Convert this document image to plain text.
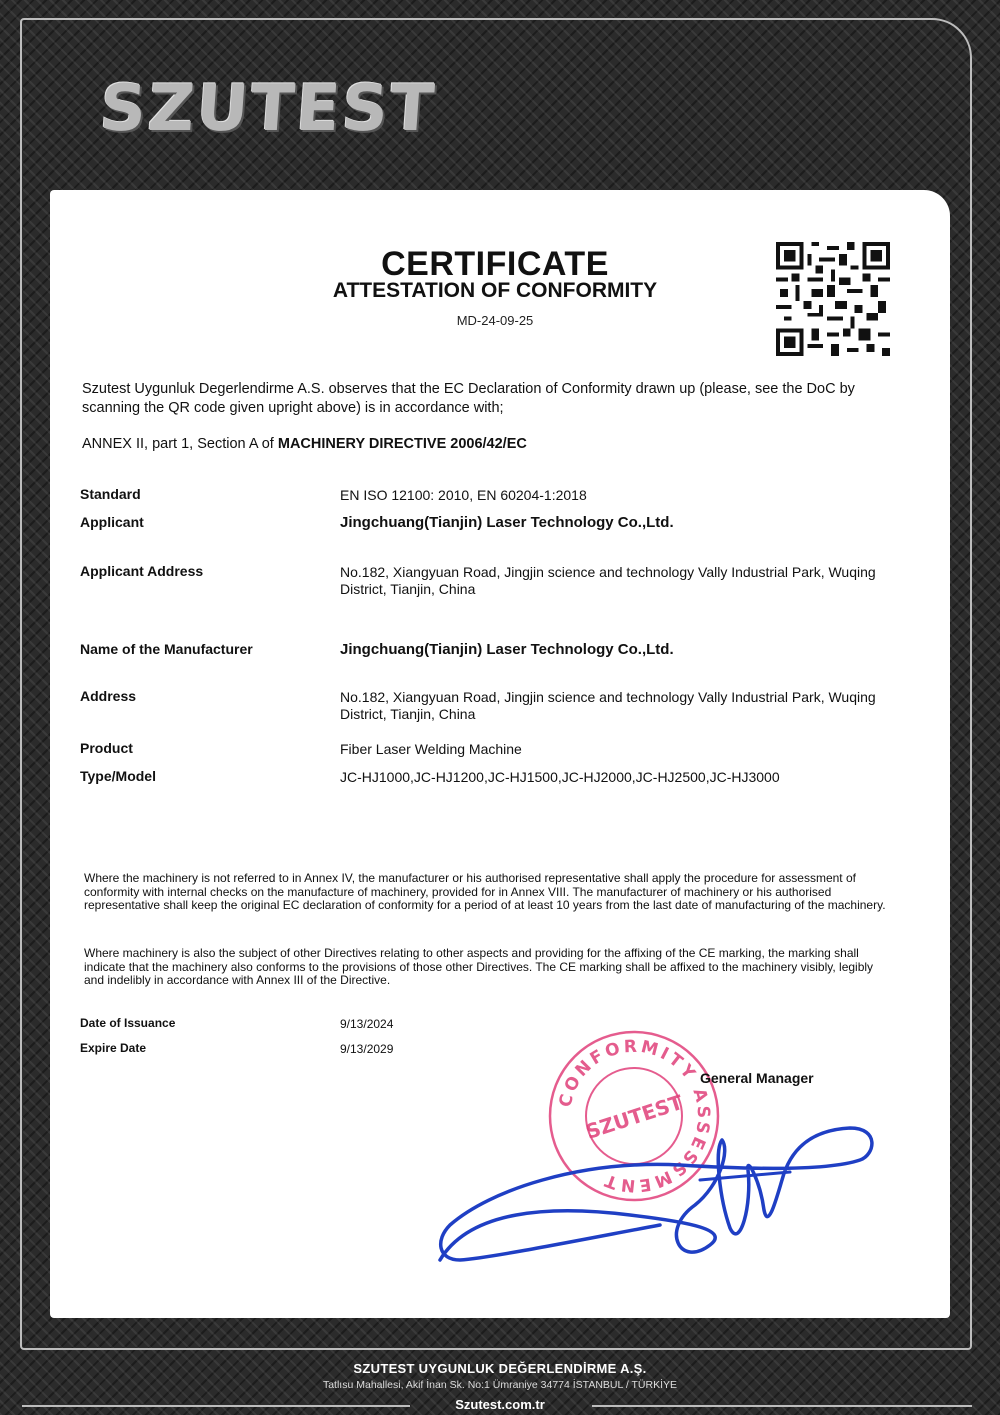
SZUTEST
CERTIFICATE
ATTESTATION OF CONFORMITY
MD-24-09-25
Szutest Uygunluk Degerlendirme A.S. observes that the EC Declaration of Conformity drawn up (please, see the DoC by scanning the QR code given upright above) is in accordance with;
ANNEX II, part 1, Section A of MACHINERY DIRECTIVE 2006/42/EC
Standard	EN ISO 12100: 2010, EN 60204-1:2018
Applicant	Jingchuang(Tianjin) Laser Technology Co.,Ltd.
Applicant Address	No.182, Xiangyuan Road, Jingjin science and technology Vally Industrial Park, Wuqing District, Tianjin, China
Name of the Manufacturer	Jingchuang(Tianjin) Laser Technology Co.,Ltd.
Address	No.182, Xiangyuan Road, Jingjin science and technology Vally Industrial Park, Wuqing District, Tianjin, China
Product	Fiber Laser Welding Machine
Type/Model	JC-HJ1000,JC-HJ1200,JC-HJ1500,JC-HJ2000,JC-HJ2500,JC-HJ3000
Where the machinery is not referred to in Annex IV, the manufacturer or his authorised representative shall apply the procedure for assessment of conformity with internal checks on the manufacture of machinery, provided for in Annex VIII. The manufacturer of machinery or his authorised representative shall keep the original EC declaration of conformity for a period of at least 10 years from the last date of manufacturing of the machinery.
Where machinery is also the subject of other Directives relating to other aspects and providing for the affixing of the CE marking, the marking shall indicate that the machinery also conforms to the provisions of those other Directives. The CE marking shall be affixed to the machinery visibly, legibly and indelibly in accordance with Annex III of the Directive.
Date of Issuance	9/13/2024
Expire Date	9/13/2029
CONFORMITY ASSESSMENT
SZUTEST
General Manager
SZUTEST UYGUNLUK DEĞERLENDİRME A.Ş.
Tatlısu Mahallesi, Akif İnan Sk. No:1 Ümraniye 34774 İSTANBUL / TÜRKİYE
Szutest.com.tr
